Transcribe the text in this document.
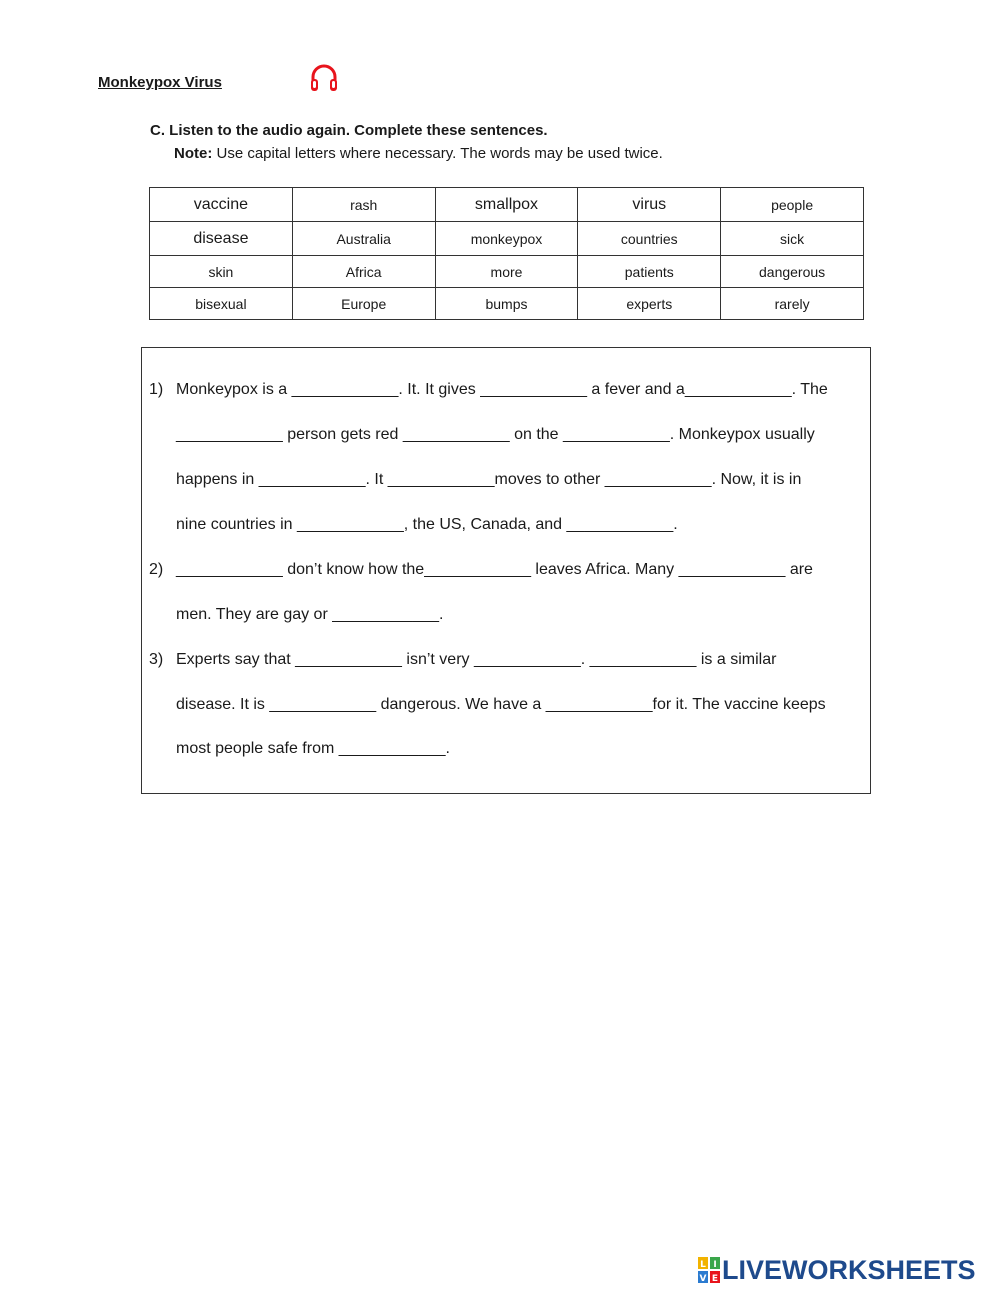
Monkeypox Virus
C. Listen to the audio again. Complete these sentences.
Note: Use capital letters where necessary. The words may be used twice.
vaccine	rash	smallpox	virus	people
disease	Australia	monkeypox	countries	sick
skin	Africa	more	patients	dangerous
bisexual	Europe	bumps	experts	rarely
1) Monkeypox is a ____________. It. It gives ____________ a fever and a____________. The
____________ person gets red ____________ on the ____________. Monkeypox usually
happens in ____________. It ____________moves to other ____________. Now, it is in
nine countries in ____________, the US, Canada, and ____________.
2) ____________ don’t know how the____________ leaves Africa. Many ____________ are
men. They are gay or ____________.
3) Experts say that ____________ isn’t very ____________. ____________ is a similar
disease. It is ____________ dangerous. We have a ____________for it. The vaccine keeps
most people safe from ____________.
L I
V E LIVEWORKSHEETS
